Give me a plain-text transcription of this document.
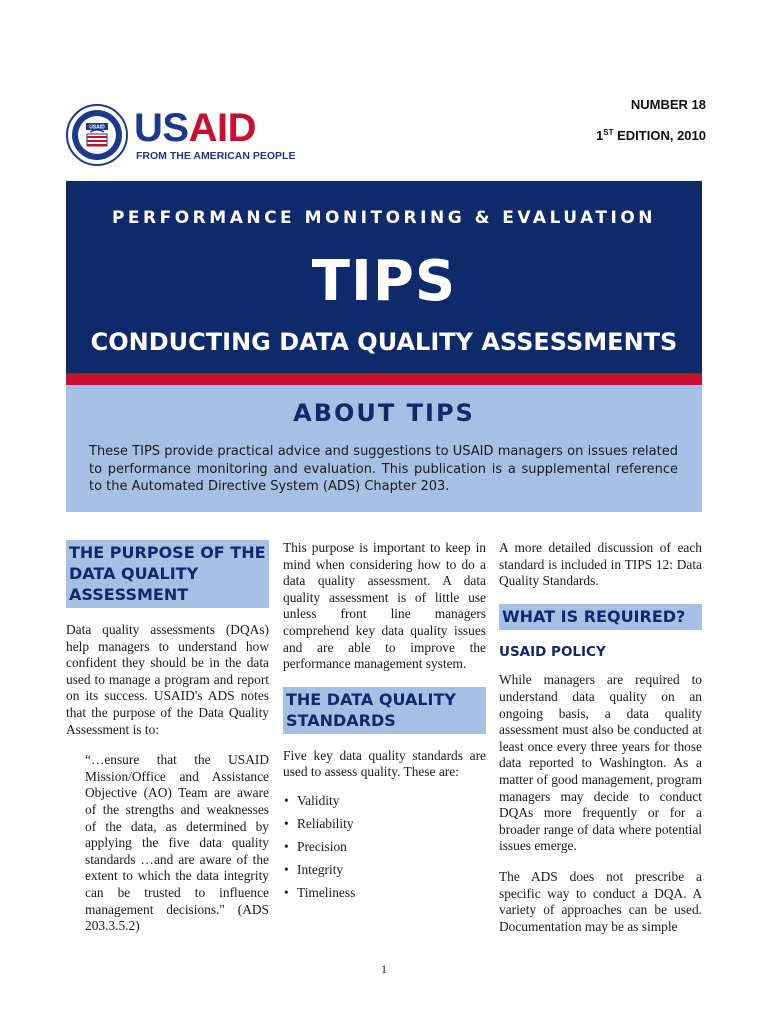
USAID USAID
FROM THE AMERICAN PEOPLE
NUMBER 18
1ST EDITION, 2010
PERFORMANCE MONITORING & EVALUATION
TIPS
CONDUCTING DATA QUALITY ASSESSMENTS
ABOUT TIPS
These TIPS provide practical advice and suggestions to USAID managers on issues related to performance monitoring and evaluation. This publication is a supplemental reference to the Automated Directive System (ADS) Chapter 203.
THE PURPOSE OF THE DATA QUALITY ASSESSMENT

Data quality assessments (DQAs) help managers to understand how confident they should be in the data used to manage a program and report on its success. USAID's ADS notes that the purpose of the Data Quality Assessment is to:

“…ensure that the USAID Mission/Office and Assistance Objective (AO) Team are aware of the strengths and weaknesses of the data, as determined by applying the five data quality standards …and are aware of the extent to which the data integrity can be trusted to influence management decisions." (ADS 203.3.5.2)

This purpose is important to keep in mind when considering how to do a data quality assessment. A data quality assessment is of little use unless front line managers comprehend key data quality issues and are able to improve the performance management system.

THE DATA QUALITY STANDARDS

Five key data quality standards are used to assess quality. These are:

• Validity
• Reliability
• Precision
• Integrity
• Timeliness

A more detailed discussion of each standard is included in TIPS 12: Data Quality Standards.

WHAT IS REQUIRED?
USAID POLICY

While managers are required to understand data quality on an ongoing basis, a data quality assessment must also be conducted at least once every three years for those data reported to Washington. As a matter of good management, program managers may decide to conduct DQAs more frequently or for a broader range of data where potential issues emerge.

The ADS does not prescribe a specific way to conduct a DQA. A variety of approaches can be used. Documentation may be as simple

1
